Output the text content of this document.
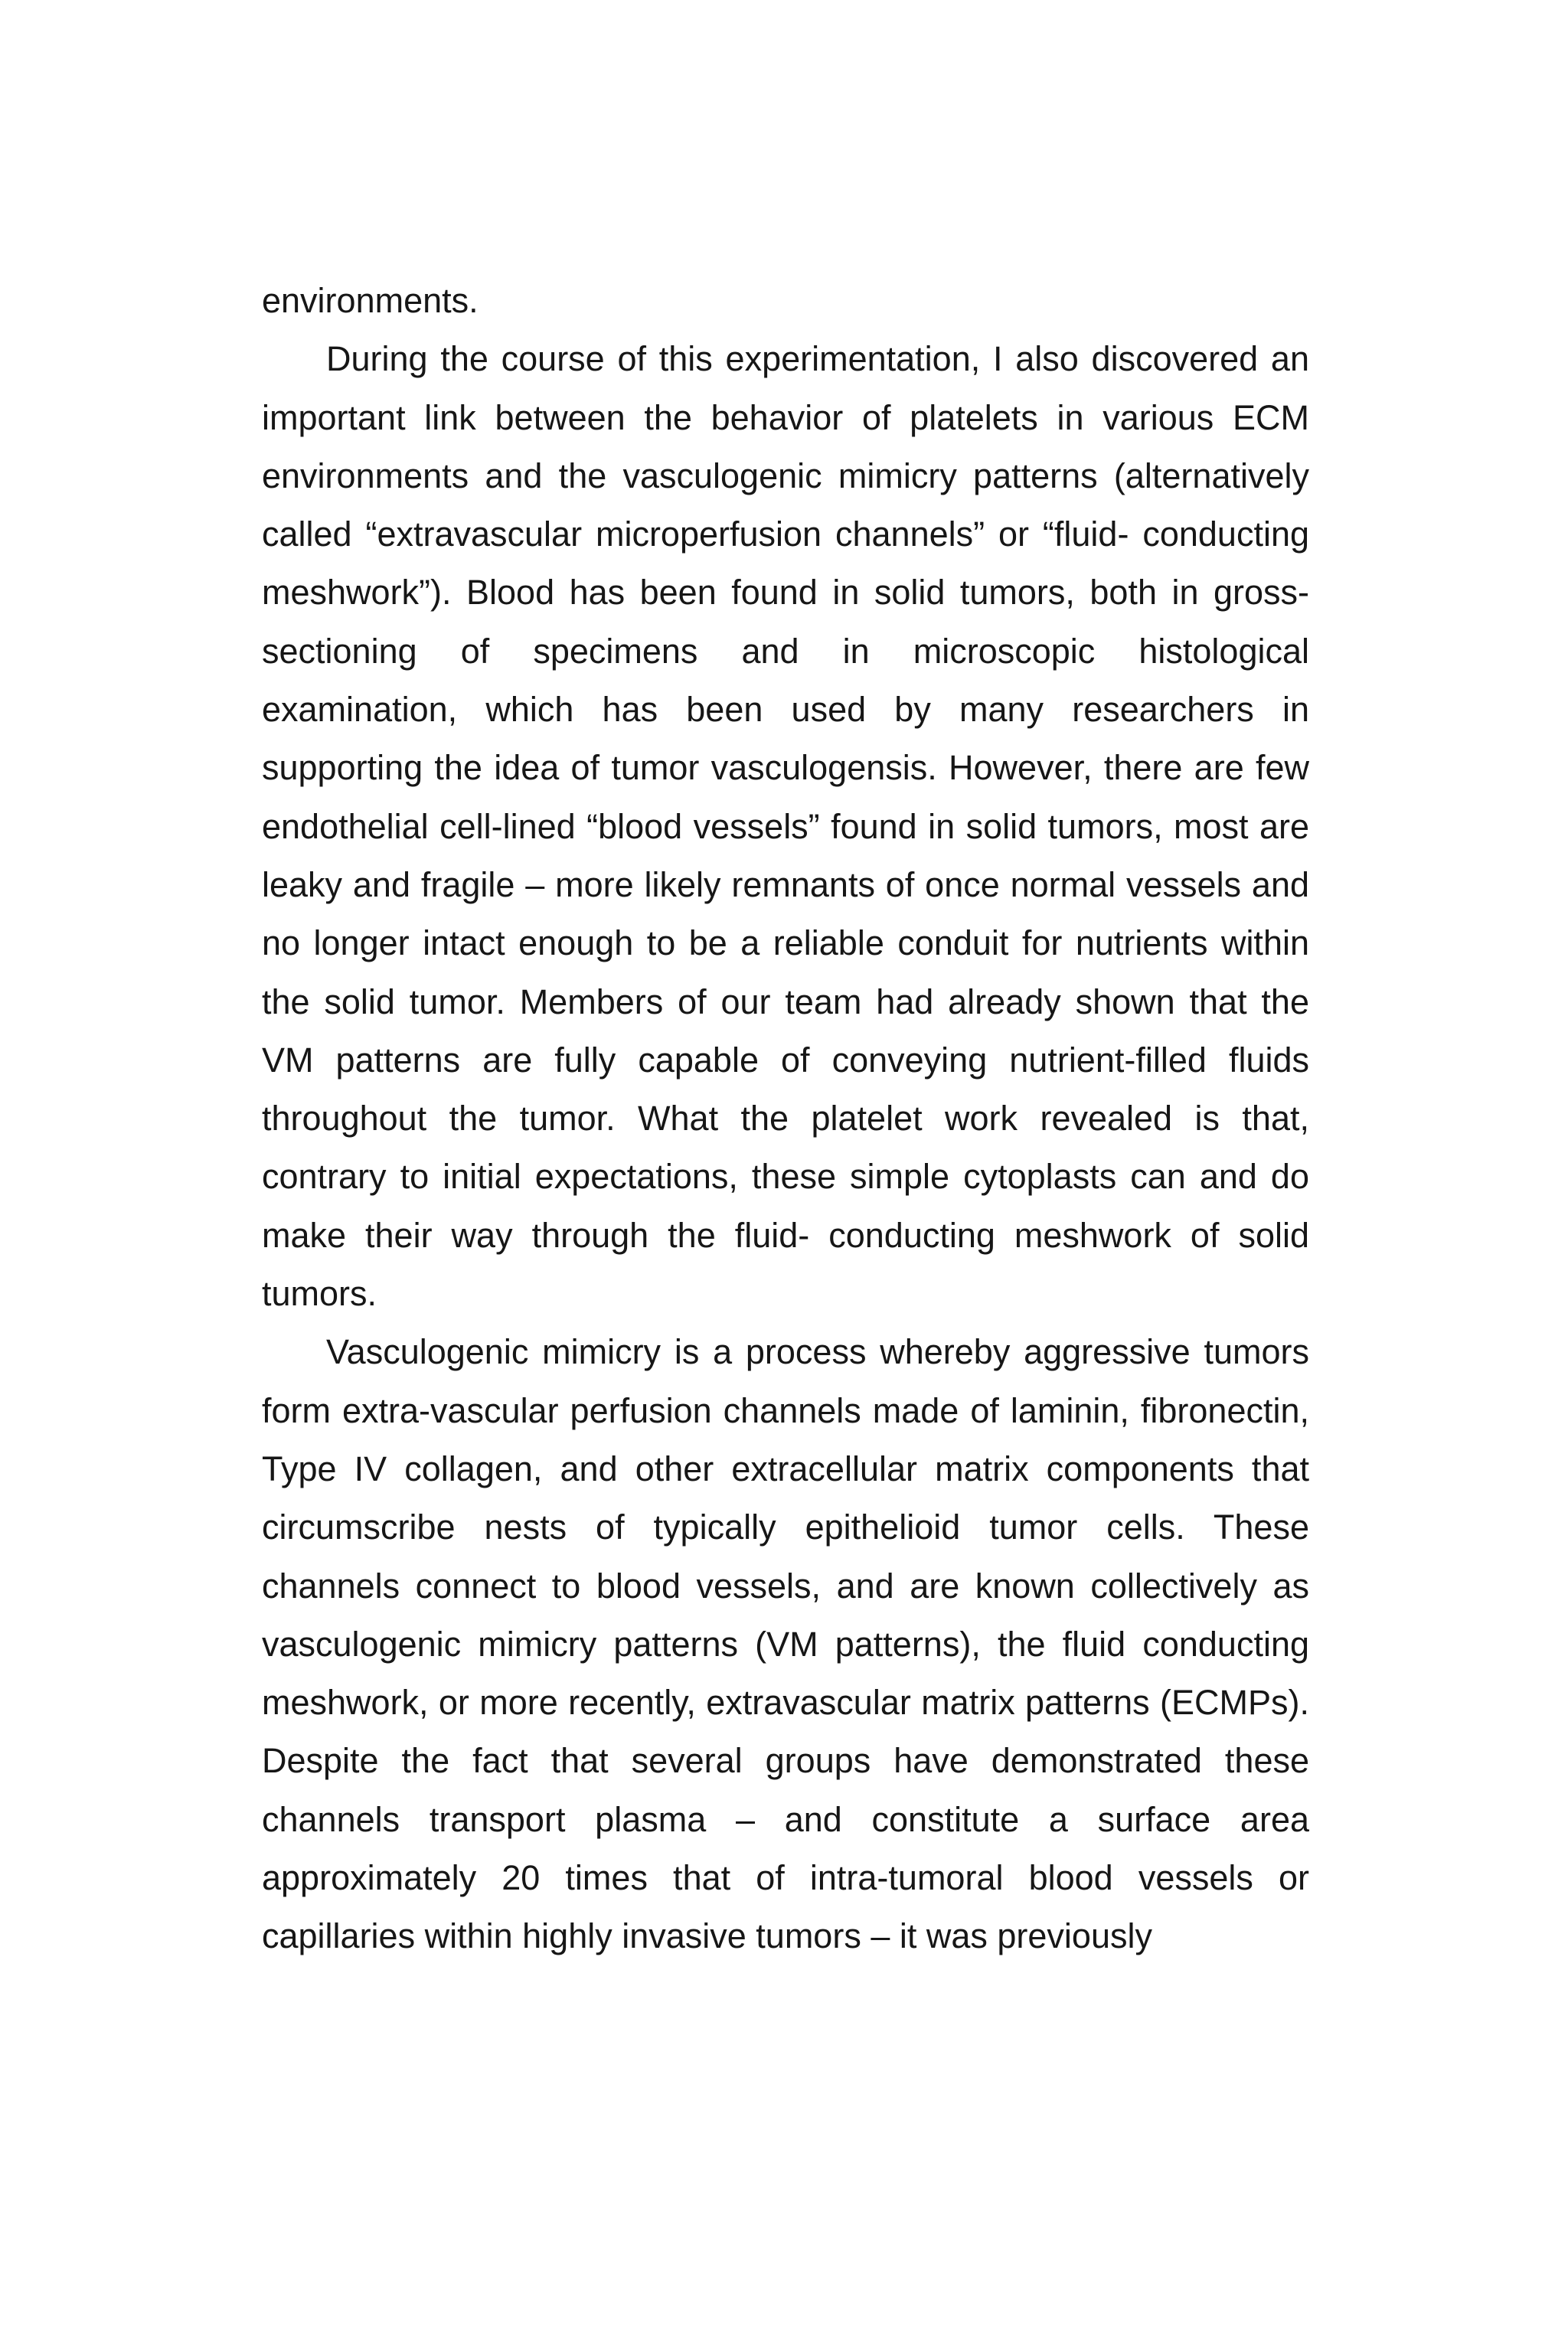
environments.

During the course of this experimentation, I also discovered an important link between the behavior of platelets in various ECM environments and the vasculogenic mimicry patterns (alternatively called “extravascular microperfusion channels” or “fluid- conducting meshwork”). Blood has been found in solid tumors, both in gross-sectioning of specimens and in microscopic histological examination, which has been used by many researchers in supporting the idea of tumor vasculogensis. However, there are few endothelial cell-lined “blood vessels” found in solid tumors, most are leaky and fragile – more likely remnants of once normal vessels and no longer intact enough to be a reliable conduit for nutrients within the solid tumor. Members of our team had already shown that the VM patterns are fully capable of conveying nutrient-filled fluids throughout the tumor. What the platelet work revealed is that, contrary to initial expectations, these simple cytoplasts can and do make their way through the fluid- conducting meshwork of solid tumors.

Vasculogenic mimicry is a process whereby aggressive tumors form extra-vascular perfusion channels made of laminin, fibronectin, Type IV collagen, and other extracellular matrix components that circumscribe nests of typically epithelioid tumor cells. These channels connect to blood vessels, and are known collectively as vasculogenic mimicry patterns (VM patterns), the fluid conducting meshwork, or more recently, extravascular matrix patterns (ECMPs). Despite the fact that several groups have demonstrated these channels transport plasma – and constitute a surface area approximately 20 times that of intra-tumoral blood vessels or capillaries within highly invasive tumors – it was previously
